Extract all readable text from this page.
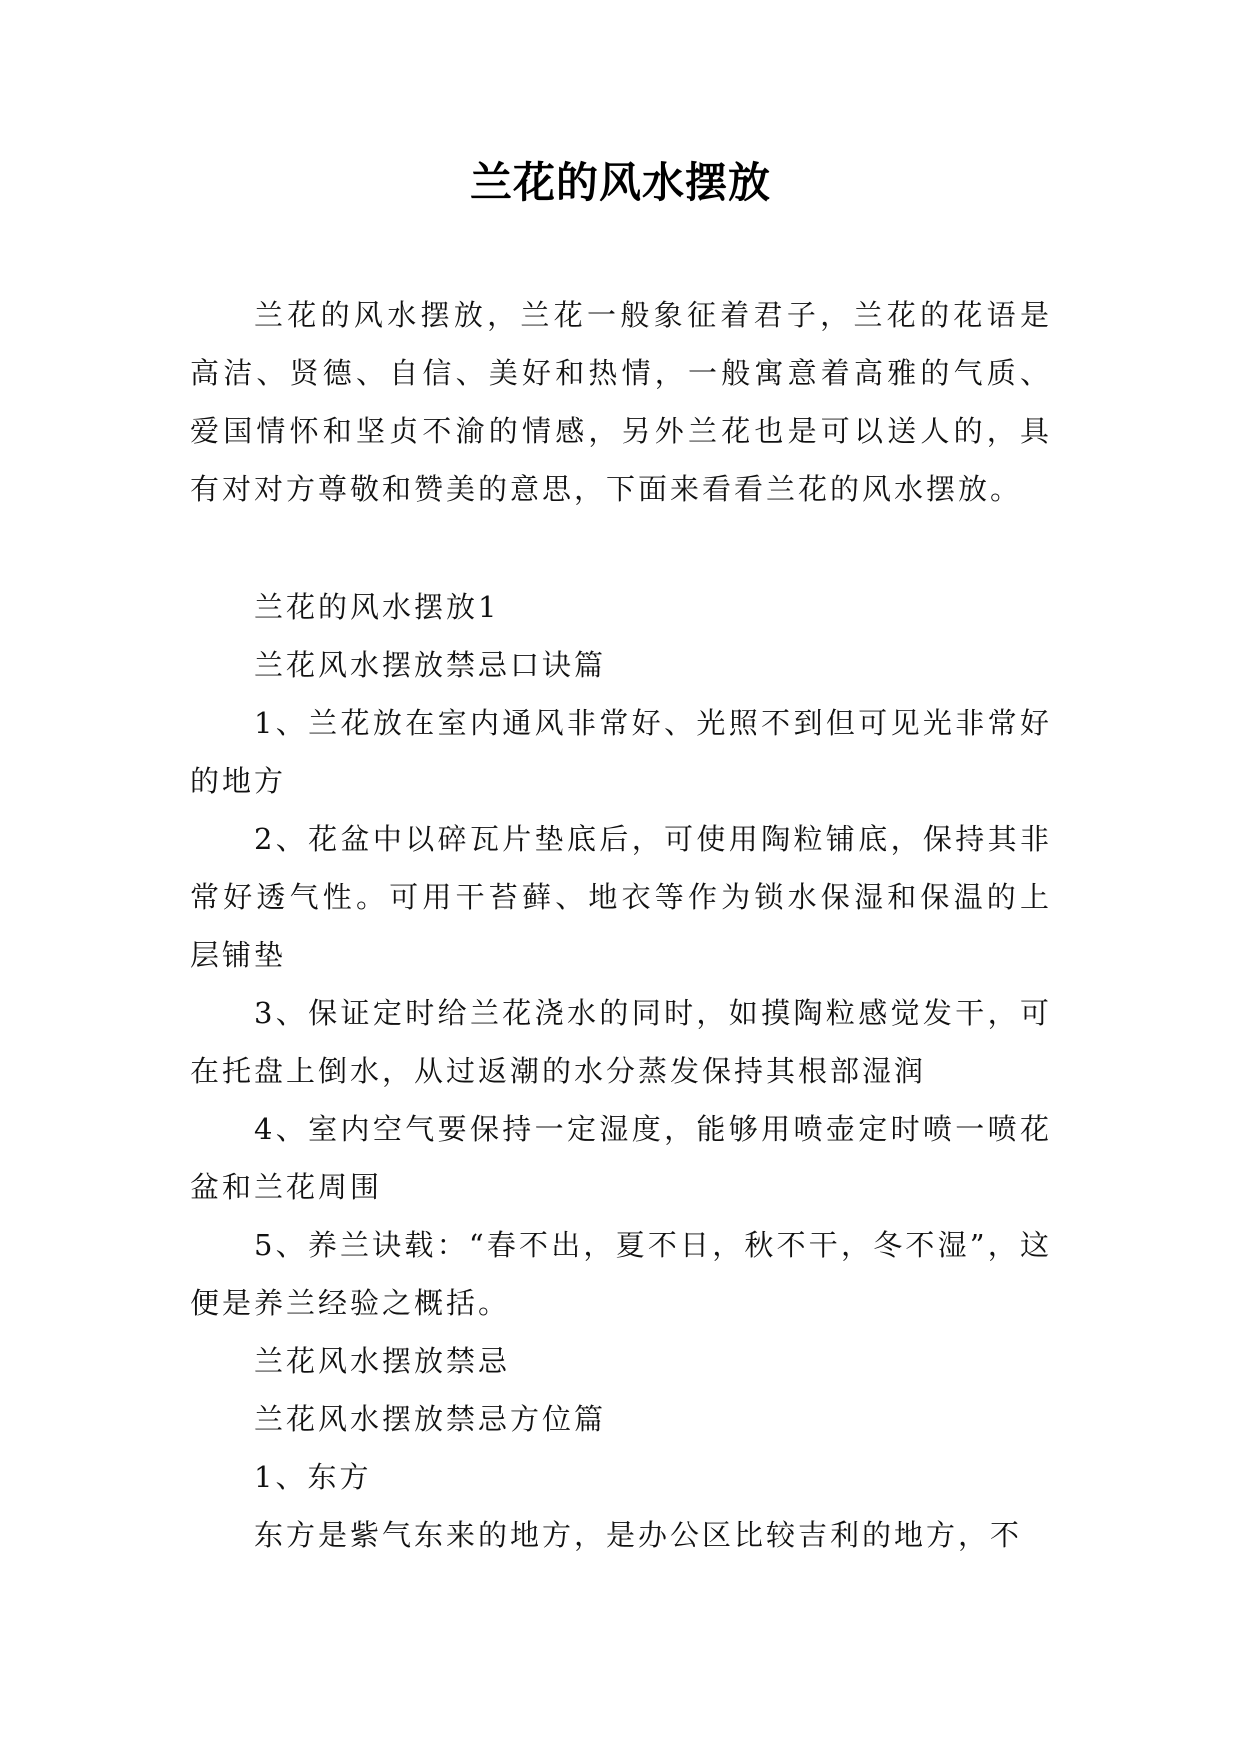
兰花的风水摆放

兰花的风水摆放，兰花一般象征着君子，兰花的花语是高洁、贤德、自信、美好和热情，一般寓意着高雅的气质、爱国情怀和坚贞不渝的情感，另外兰花也是可以送人的，具有对对方尊敬和赞美的意思，下面来看看兰花的风水摆放。

兰花的风水摆放1

兰花风水摆放禁忌口诀篇

1、兰花放在室内通风非常好、光照不到但可见光非常好的地方

2、花盆中以碎瓦片垫底后，可使用陶粒铺底，保持其非常好透气性。可用干苔藓、地衣等作为锁水保湿和保温的上层铺垫

3、保证定时给兰花浇水的同时，如摸陶粒感觉发干，可在托盘上倒水，从过返潮的水分蒸发保持其根部湿润

4、室内空气要保持一定湿度，能够用喷壶定时喷一喷花盆和兰花周围

5、养兰诀载：“春不出，夏不日，秋不干，冬不湿”，这便是养兰经验之概括。

兰花风水摆放禁忌

兰花风水摆放禁忌方位篇

1、东方

东方是紫气东来的地方，是办公区比较吉利的地方，不
